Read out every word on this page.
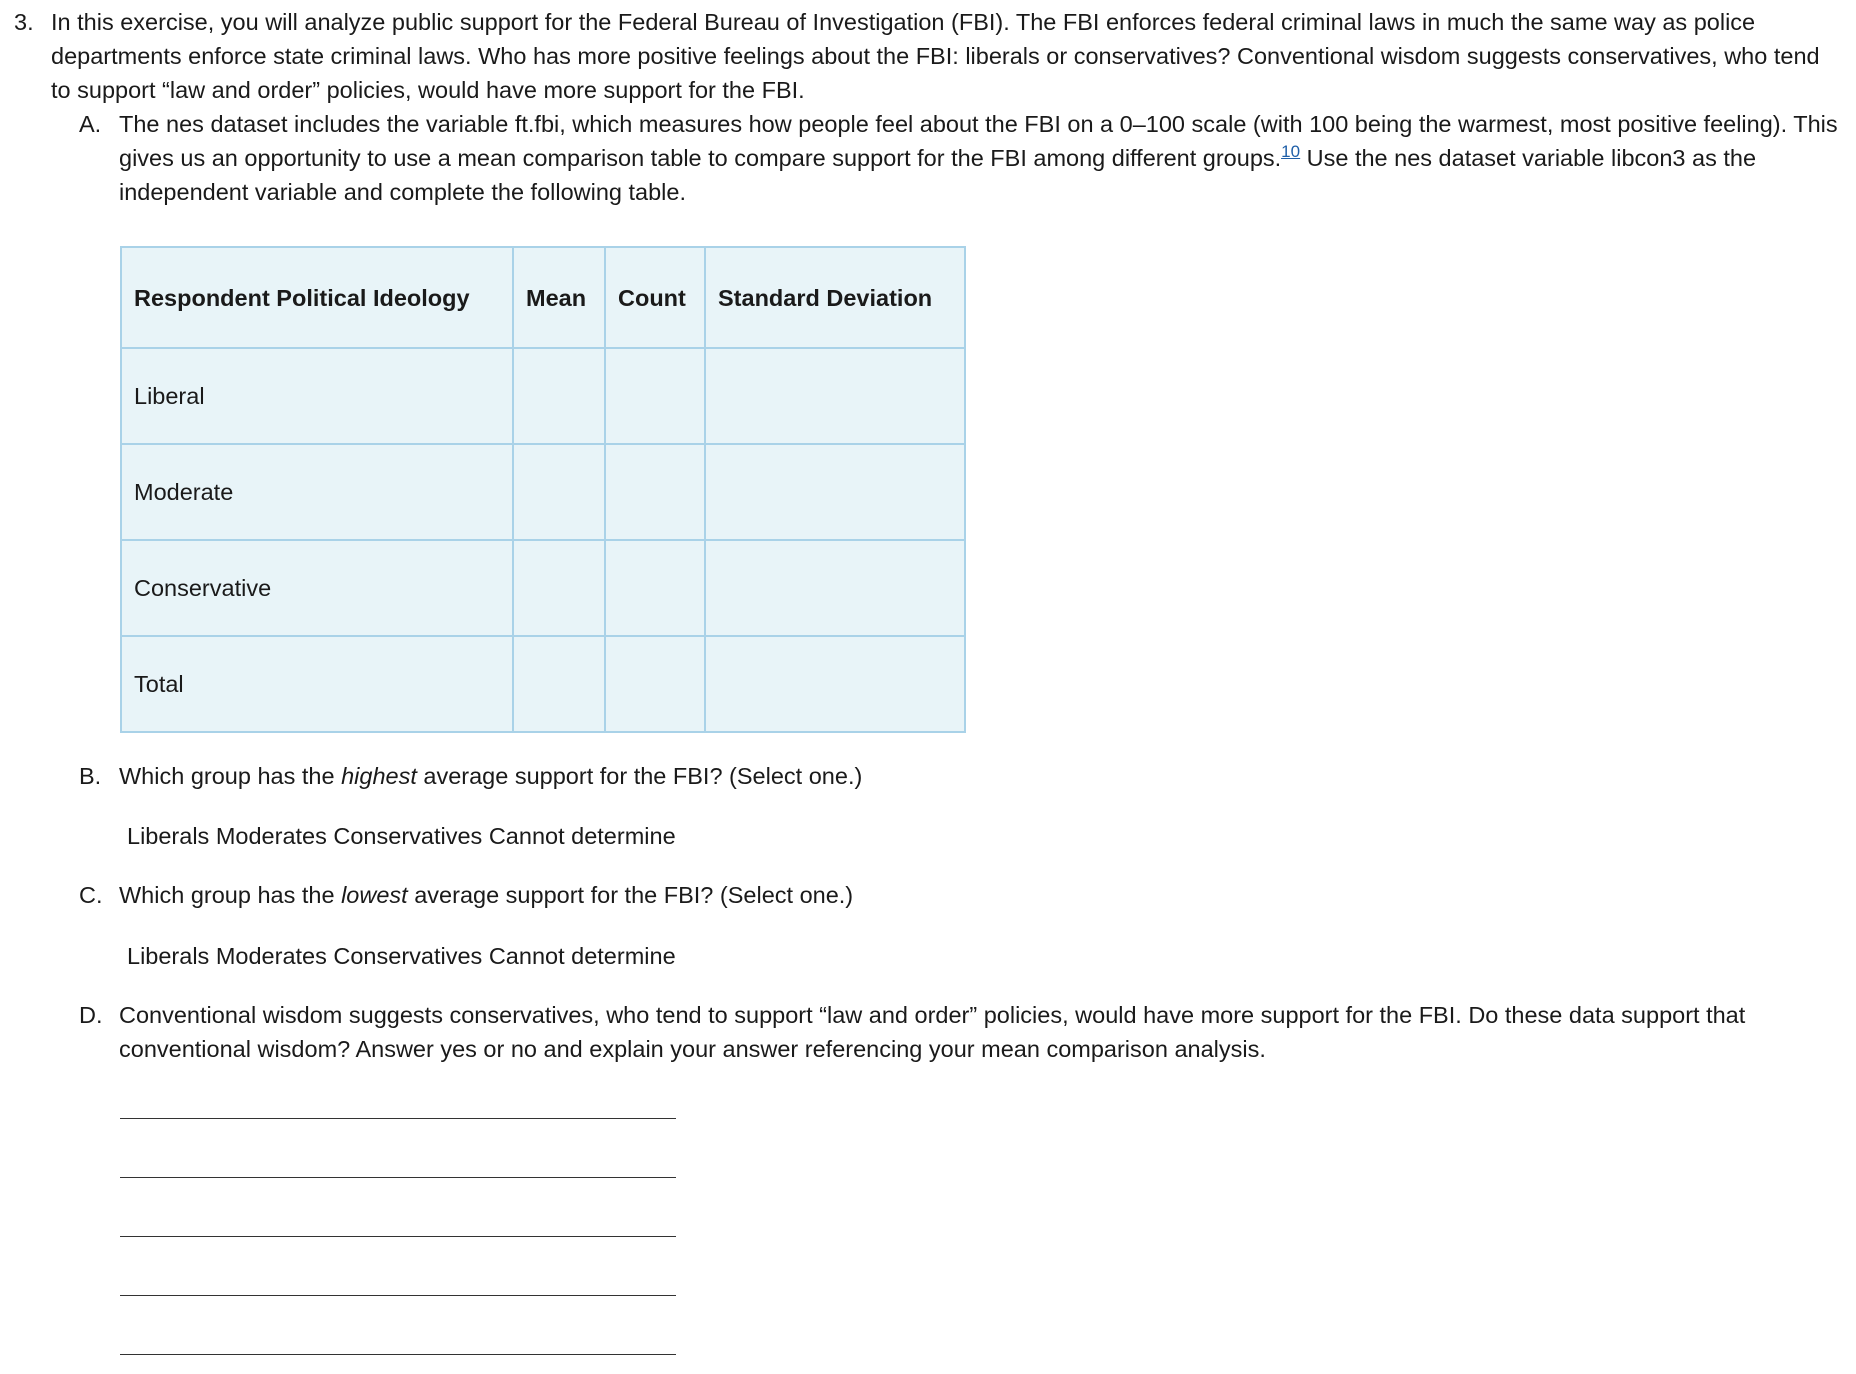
3. In this exercise, you will analyze public support for the Federal Bureau of Investigation (FBI). The FBI enforces federal criminal laws in much the same way as police departments enforce state criminal laws. Who has more positive feelings about the FBI: liberals or conservatives? Conventional wisdom suggests conservatives, who tend to support “law and order” policies, would have more support for the FBI.
A. The nes dataset includes the variable ft.fbi, which measures how people feel about the FBI on a 0–100 scale (with 100 being the warmest, most positive feeling). This gives us an opportunity to use a mean comparison table to compare support for the FBI among different groups.$^{10}$ Use the nes dataset variable libcon3 as the independent variable and complete the following table.
Respondent Political Ideology	Mean	Count	Standard Deviation
Liberal			
Moderate			
Conservative			
Total			
B. Which group has the highest average support for the FBI? (Select one.)
Liberals Moderates Conservatives Cannot determine
C. Which group has the lowest average support for the FBI? (Select one.)
Liberals Moderates Conservatives Cannot determine
D. Conventional wisdom suggests conservatives, who tend to support “law and order” policies, would have more support for the FBI. Do these data support that conventional wisdom? Answer yes or no and explain your answer referencing your mean comparison analysis.
